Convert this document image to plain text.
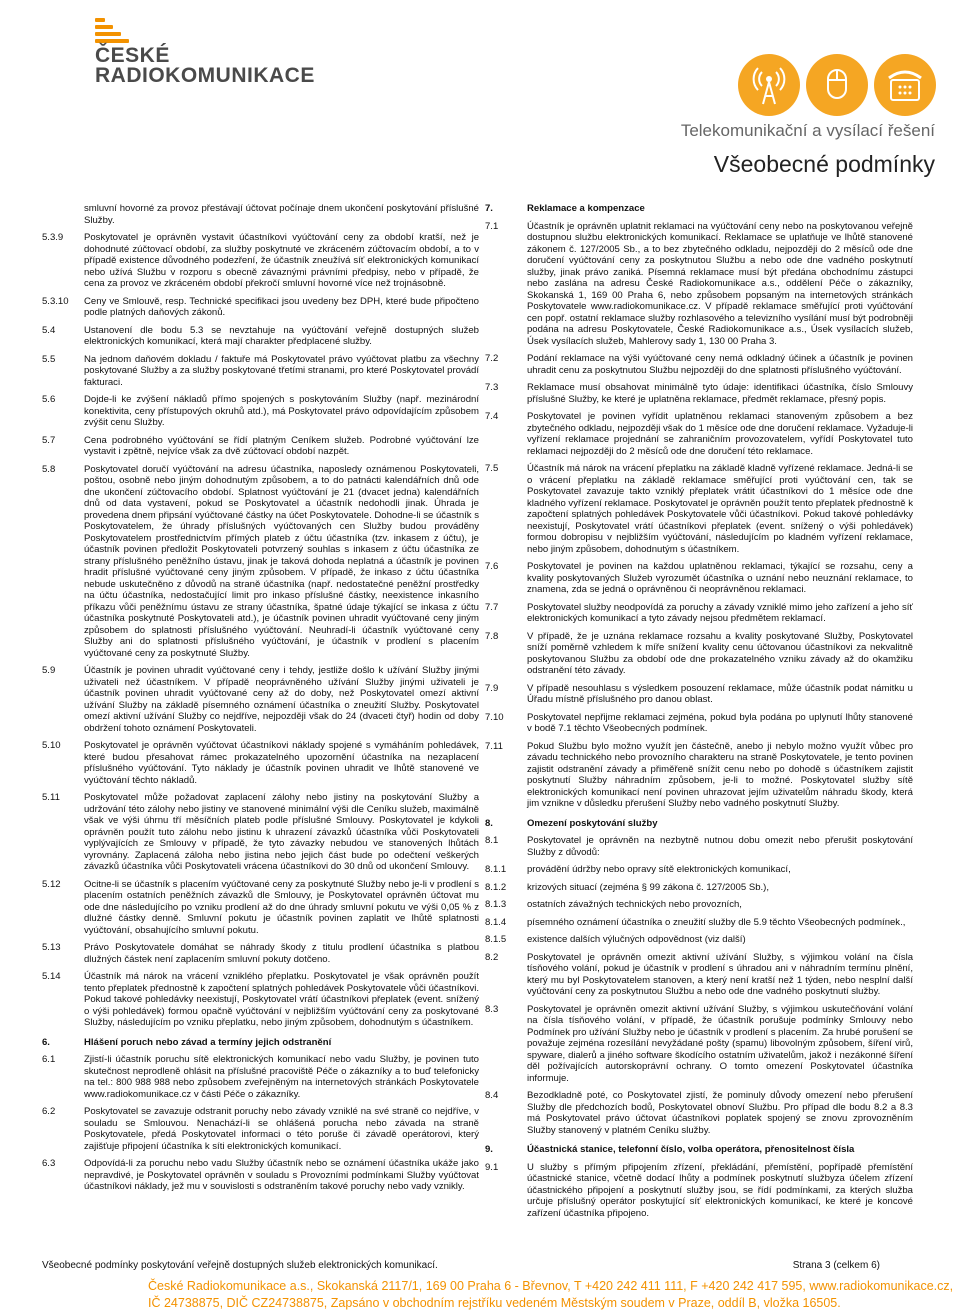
ČESKÉ
RADIOKOMUNIKACE
Telekomunikační a vysílací řešení
Všeobecné podmínky
smluvní hovorné za provoz přestávají účtovat počínaje dnem ukončení poskytování příslušné Služby.
5.3.9	Poskytovatel je oprávněn vystavit účastníkovi vyúčtování ceny za období kratší, než je dohodnuté zúčtovací období, za služby poskytnuté ve zkráceném zúčtovacím období, a to v případě existence důvodného podezření, že účastník zneužívá síť elektronických komunikací nebo užívá Službu v rozporu s obecně závaznými právními předpisy, nebo v případě, že cena za provoz ve zkráceném období překročí smluvní hovorné více než trojnásobně.
5.3.10	Ceny ve Smlouvě, resp. Technické specifikaci jsou uvedeny bez DPH, které bude připočteno podle platných daňových zákonů.
5.4	Ustanovení dle bodu 5.3 se nevztahuje na vyúčtování veřejně dostupných služeb elektronických komunikací, která mají charakter předplacené služby.
5.5	Na jednom daňovém dokladu / faktuře má Poskytovatel právo vyúčtovat platbu za všechny poskytované Služby a za služby poskytované třetími stranami, pro které Poskytovatel provádí fakturaci.
5.6	Dojde-li ke zvýšení nákladů přímo spojených s poskytováním Služby (např. mezinárodní konektivita, ceny přístupových okruhů atd.), má Poskytovatel právo odpovídajícím způsobem zvýšit cenu Služby.
5.7	Cena podrobného vyúčtování se řídí platným Ceníkem služeb. Podrobné vyúčtování lze vystavit i zpětně, nejvíce však za dvě zúčtovací období nazpět.
5.8	Poskytovatel doručí vyúčtování na adresu účastníka, naposledy oznámenou Poskytovateli, poštou, osobně nebo jiným dohodnutým způsobem, a to do patnácti kalendářních dnů ode dne ukončení zúčtovacího období. Splatnost vyúčtování je 21 (dvacet jedna) kalendářních dnů od data vystavení, pokud se Poskytovatel a účastník nedohodli jinak. Úhrada je provedena dnem připsání vyúčtované částky na účet Poskytovatele. Dohodne-li se účastník s Poskytovatelem, že úhrady příslušných vyúčtovaných cen Služby budou prováděny Poskytovatelem prostřednictvím přímých plateb z účtu účastníka (tzv. inkasem z účtu), je účastník povinen předložit Poskytovateli potvrzený souhlas s inkasem z účtu účastníka ze strany příslušného peněžního ústavu, jinak je taková dohoda neplatná a účastník je povinen hradit příslušné vyúčtované ceny jiným způsobem. V případě, že inkaso z účtu účastníka nebude uskutečněno z důvodů na straně účastníka (např. nedostatečné peněžní prostředky na účtu účastníka, nedostačující limit pro inkaso příslušné částky, neexistence inkasního příkazu vůči peněžnímu ústavu ze strany účastníka, špatné údaje týkající se inkasa z účtu účastníka poskytnuté Poskytovateli atd.), je účastník povinen uhradit vyúčtované ceny jiným způsobem do splatnosti příslušného vyúčtování. Neuhradí-li účastník vyúčtované ceny Služby ani do splatnosti příslušného vyúčtování, je účastník v prodlení s placením vyúčtované ceny za poskytnuté Služby.
5.9	Účastník je povinen uhradit vyúčtované ceny i tehdy, jestliže došlo k užívání Služby jinými uživateli než účastníkem. V případě neoprávněného užívání Služby jinými uživateli je účastník povinen uhradit vyúčtované ceny až do doby, než Poskytovatel omezí aktivní užívání Služby na základě písemného oznámení účastníka o zneužití Služby. Poskytovatel omezí aktivní užívání Služby co nejdříve, nejpozději však do 24 (dvaceti čtyř) hodin od doby obdržení tohoto oznámení Poskytovateli.
5.10	Poskytovatel je oprávněn vyúčtovat účastníkovi náklady spojené s vymáháním pohledávek, které budou přesahovat rámec prokazatelného upozornění účastníka na nezaplacení příslušného vyúčtování. Tyto náklady je účastník povinen uhradit ve lhůtě stanovené ve vyúčtování těchto nákladů.
5.11	Poskytovatel může požadovat zaplacení zálohy nebo jistiny na poskytování Služby a udržování této zálohy nebo jistiny ve stanovené minimální výši dle Ceníku služeb, maximálně však ve výši úhrnu tří měsíčních plateb podle příslušné Smlouvy. Poskytovatel je kdykoli oprávněn použít tuto zálohu nebo jistinu k uhrazení závazků účastníka vůči Poskytovateli vyplývajících ze Smlouvy v případě, že tyto závazky nebudou ve stanovených lhůtách vyrovnány. Zaplacená záloha nebo jistina nebo jejich část bude po odečtení veškerých závazků účastníka vůči Poskytovateli vrácena účastníkovi do 30 dnů od ukončení Smlouvy.
5.12	Ocitne-li se účastník s placením vyúčtované ceny za poskytnuté Služby nebo je-li v prodlení s placením ostatních peněžních závazků dle Smlouvy, je Poskytovatel oprávněn účtovat mu ode dne následujícího po vzniku prodlení až do dne úhrady smluvní pokutu ve výši 0,05 % z dlužné částky denně. Smluvní pokutu je účastník povinen zaplatit ve lhůtě splatnosti vyúčtování, obsahujícího smluvní pokutu.
5.13	Právo Poskytovatele domáhat se náhrady škody z titulu prodlení účastníka s platbou dlužných částek není zaplacením smluvní pokuty dotčeno.
5.14	Účastník má nárok na vrácení vzniklého přeplatku. Poskytovatel je však oprávněn použít tento přeplatek přednostně k započtení splatných pohledávek Poskytovatele vůči účastníkovi. Pokud takové pohledávky neexistují, Poskytovatel vrátí účastníkovi přeplatek (event. snížený o výši pohledávek) formou opačně vyúčtování v nejbližším vyúčtování ceny za poskytované Služby, následujícím po vzniku přeplatku, nebo jiným způsobem, dohodnutým s účastníkem.
6.	Hlášení poruch nebo závad a termíny jejich odstranění
6.1	Zjistí-li účastník poruchu sítě elektronických komunikací nebo vadu Služby, je povinen tuto skutečnost neprodleně ohlásit na příslušné pracoviště Péče o zákazníky a to buď telefonicky na tel.: 800 988 988 nebo způsobem zveřejněným na internetových stránkách Poskytovatele www.radiokomunikace.cz v části Péče o zákazníky.
6.2	Poskytovatel se zavazuje odstranit poruchy nebo závady vzniklé na své straně co nejdříve, v souladu se Smlouvou. Nenachází-li se ohlášená porucha nebo závada na straně Poskytovatele, předá Poskytovatel informaci o této poruše či závadě operátorovi, který zajišťuje připojení účastníka k síti elektronických komunikací.
6.3	Odpovídá-li za poruchu nebo vadu Služby účastník nebo se oznámení účastníka ukáže jako nepravdivé, je Poskytovatel oprávněn v souladu s Provozními podmínkami Služby vyúčtovat účastníkovi náklady, jež mu v souvislosti s odstraněním takové poruchy nebo vady vznikly.
7.	Reklamace a kompenzace
7.1	Účastník je oprávněn uplatnit reklamaci na vyúčtování ceny nebo na poskytovanou veřejně dostupnou službu elektronických komunikací. Reklamace se uplatňuje ve lhůtě stanovené zákonem č. 127/2005 Sb., a to bez zbytečného odkladu, nejpozději do 2 měsíců ode dne doručení vyúčtování ceny za poskytnutou Službu a nebo ode dne vadného poskytnutí služby, jinak právo zaniká. Písemná reklamace musí být předána obchodnímu zástupci nebo zaslána na adresu České Radiokomunikace a.s., oddělení Péče o zákazníky, Skokanská 1, 169 00 Praha 6, nebo způsobem popsaným na internetových stránkách Poskytovatele www.radiokomunikace.cz. V případě reklamace směřující proti vyúčtování cen popř. ostatní reklamace služby rozhlasového a televizního vysílání musí být podrobněji podána na adresu Poskytovatele, České Radiokomunikace a.s., Úsek vysílacích služeb, Úsek vysílacích služeb, Mahlerovy sady 1, 130 00 Praha 3.
7.2	Podání reklamace na výši vyúčtované ceny nemá odkladný účinek a účastník je povinen uhradit cenu za poskytnutou Službu nejpozději do dne splatnosti příslušného vyúčtování.
7.3	Reklamace musí obsahovat minimálně tyto údaje: identifikaci účastníka, číslo Smlouvy příslušné Služby, ke které je uplatněna reklamace, předmět reklamace, přesný popis.
7.4	Poskytovatel je povinen vyřídit uplatněnou reklamaci stanoveným způsobem a bez zbytečného odkladu, nejpozději však do 1 měsíce ode dne doručení reklamace. Vyžaduje-li vyřízení reklamace projednání se zahraničním provozovatelem, vyřídí Poskytovatel tuto reklamaci nejpozději do 2 měsíců ode dne doručení této reklamace.
7.5	Účastník má nárok na vrácení přeplatku na základě kladně vyřízené reklamace. Jedná-li se o vrácení přeplatku na základě reklamace směřující proti vyúčtování cen, tak se Poskytovatel zavazuje takto vzniklý přeplatek vrátit účastníkovi do 1 měsíce ode dne kladného vyřízení reklamace. Poskytovatel je oprávněn použít tento přeplatek přednostně k započtení splatných pohledávek Poskytovatele vůči účastníkovi. Pokud takové pohledávky neexistují, Poskytovatel vrátí účastníkovi přeplatek (event. snížený o výši pohledávek) formou dobropisu v nejbližším vyúčtování, následujícím po kladném vyřízení reklamace, nebo jiným způsobem, dohodnutým s účastníkem.
7.6	Poskytovatel je povinen na každou uplatněnou reklamaci, týkající se rozsahu, ceny a kvality poskytovaných Služeb vyrozumět účastníka o uznání nebo neuznání reklamace, to znamena, zda se jedná o oprávněnou či neoprávněnou reklamaci.
7.7	Poskytovatel služby neodpovídá za poruchy a závady vzniklé mimo jeho zařízení a jeho síť elektronických komunikací a tyto závady nejsou předmětem reklamací.
7.8	V případě, že je uznána reklamace rozsahu a kvality poskytované Služby, Poskytovatel sníží poměrně vzhledem k míře snížení kvality cenu účtovanou účastníkovi za nekvalitně poskytovanou Službu za období ode dne prokazatelného vzniku závady až do okamžiku odstranění této závady.
7.9	V případě nesouhlasu s výsledkem posouzení reklamace, může účastník podat námitku u Úřadu místně příslušného pro danou oblast.
7.10	Poskytovatel nepřijme reklamaci zejména, pokud byla podána po uplynutí lhůty stanovené v bodě 7.1 těchto Všeobecných podmínek.
7.11	Pokud Službu bylo možno využít jen částečně, anebo ji nebylo možno využít vůbec pro závadu technického nebo provozního charakteru na straně Poskytovatele, je tento povinen zajistit odstranění závady a přiměřeně snížit cenu nebo po dohodě s účastníkem zajistit poskytnutí Služby náhradním způsobem, je-li to možné. Poskytovatel služby sítě elektronických komunikací není povinen uhrazovat jejím uživatelům náhradu škody, která jim vznikne v důsledku přerušení Služby nebo vadného poskytnutí Služby.
8.	Omezení poskytování služby
8.1	Poskytovatel je oprávněn na nezbytně nutnou dobu omezit nebo přerušit poskytování Služby z důvodů:
8.1.1	provádění údržby nebo opravy sítě elektronických komunikací,
8.1.2	krizových situací (zejména § 99 zákona č. 127/2005 Sb.),
8.1.3	ostatních závažných technických nebo provozních,
8.1.4	písemného oznámení účastníka o zneužití služby dle 5.9 těchto Všeobecných podmínek.,
8.1.5	existence dalších výlučných odpovědnost (viz další)
8.2	Poskytovatel je oprávněn omezit aktivní užívání Služby, s výjimkou volání na čísla tísňového volání, pokud je účastník v prodlení s úhradou ani v náhradním termínu plnění, který mu byl Poskytovatelem stanoven, a který není kratší než 1 týden, nebo nesplní další vyúčtování ceny za poskytnutou Službu a nebo ode dne vadného poskytnutí služby.
8.3	Poskytovatel je oprávněn omezit aktivní užívání Služby, s výjimkou uskutečňování volání na čísla tísňového volání, v případě, že účastník porušuje podmínky Smlouvy nebo Podmínek pro užívání Služby nebo je účastník v prodlení s placením. Za hrubé porušení se považuje zejména rozesílání nevyžádané pošty (spamu) libovolným způsobem, šíření virů, spyware, dialerů a jiného software škodícího ostatním uživatelům, jakož i nezákonné šíření děl požívajících autorskoprávní ochrany. O tomto omezení Poskytovatel účastníka informuje.
8.4	Bezodkladně poté, co Poskytovatel zjistí, že pominuly důvody omezení nebo přerušení Služby dle předchozích bodů, Poskytovatel obnoví Službu. Pro případ dle bodu 8.2 a 8.3 má Poskytovatel právo účtovat účastníkovi poplatek spojený se znovu zprovozněním Služby stanovený v platném Ceníku služby.
9.	Účastnická stanice, telefonní číslo, volba operátora, přenositelnost čísla
9.1	U služby s přímým připojením zřízení, překládání, přemístění, popřípadě přemístění účastnické stanice, včetně dodací lhůty a podmínek poskytnutí službyza účelem zřízení účastnického připojení a poskytnutí služby jsou, se řídí podmínkami, za kterých služba určuje příslušný operátor poskytující síť elektronických komunikací, ke které je koncové zařízení účastníka připojeno.
Všeobecné podmínky poskytování veřejně dostupných služeb elektronických komunikací.	Strana 3 (celkem 6)
České Radiokomunikace a.s., Skokanská 2117/1, 169 00 Praha 6 - Břevnov, T +420 242 411 111, F +420 242 417 595, www.radiokomunikace.cz,
IČ 24738875, DIČ CZ24738875, Zapsáno v obchodním rejstříku vedeném Městským soudem v Praze, oddíl B, vložka 16505.
